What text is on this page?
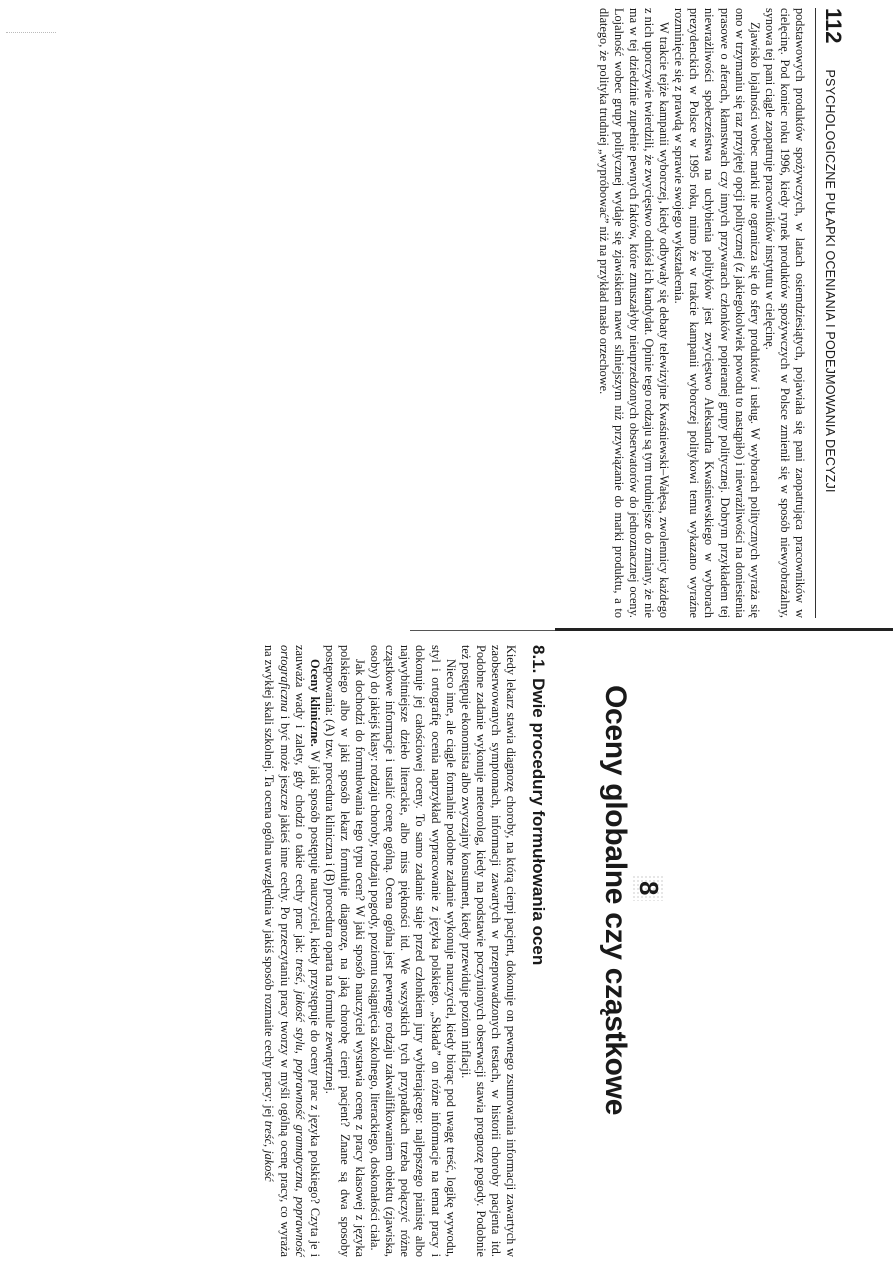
112
PSYCHOLOGICZNE PUŁAPKI OCENIANIA I PODEJMOWANIA DECYZJI

podstawowych produktów spożywczych, w latach osiemdziesiątych, pojawiała się pani zaopatrująca pracowników w cielęcinę. Pod koniec roku 1996, kiedy rynek produktów spożywczych w Polsce zmienił się w sposób niewyobrażalny, synowa tej pani ciągle zaopatruje pracowników instytutu w cielęcinę.

Zjawisko lojalności wobec marki nie ogranicza się do sfery produktów i usług. W wyborach politycznych wyraża się ono w trzymaniu się raz przyjętej opcji politycznej (z jakiegokolwiek powodu to nastąpiło) i niewrażliwości na doniesienia prasowe o aferach, kłamstwach czy innych przywarach członków popieranej grupy politycznej. Dobrym przykładem tej niewrażliwości społeczeństwa na uchybienia polityków jest zwycięstwo Aleksandra Kwaśniewskiego w wyborach prezydenckich w Polsce w 1995 roku, mimo że w trakcie kampanii wyborczej politykowi temu wykazano wyraźne rozminięcie się z prawdą w sprawie swojego wykształcenia.

W trakcie tejże kampanii wyborczej, kiedy odbywały się debaty telewizyjne Kwaśniewski–Wałęsa, zwolennicy każdego z nich uporczywie twierdzili, że zwycięstwo odniósł ich kandydat. Opinie tego rodzaju są tym trudniejsze do zmiany, że nie ma w tej dziedzinie zupełnie pewnych faktów, które zmuszałyby nieuprzedzonych obserwatorów do jednoznacznej oceny. Lojalność wobec grupy politycznej wydaje się zjawiskiem nawet silniejszym niż przywiązanie do marki produktu, a to dlatego, że polityka trudniej „wypróbować” niż na przykład masło orzechowe.

8
Oceny globalne czy cząstkowe
8.1. Dwie procedury formułowania ocen

Kiedy lekarz stawia diagnozę choroby, na którą cierpi pacjent, dokonuje on pewnego zsumowania informacji zawartych w zaobserwowanych symptomach, informacji zawartych w przeprowadzonych testach, w historii choroby pacjenta itd. Podobne zadanie wykonuje meteorolog, kiedy na podstawie poczynionych obserwacji stawia prognozę pogody. Podobnie też postępuje ekonomista albo zwyczajny konsument, kiedy przewiduje poziom inflacji.

Nieco inne, ale ciągle formalnie podobne zadanie wykonuje nauczyciel, kiedy biorąc pod uwagę treść, logikę wywodu, styl i ortografię ocenia naprzykład wypracowanie z języka polskiego. „Składa” on różne informacje na temat pracy i dokonuje jej całościowej oceny. To samo zadanie staje przed członkiem jury wybierającego: najlepszego pianistę albo najwybitniejsze dzieło literackie, albo miss piękności itd. We wszystkich tych przypadkach trzeba połączyć różne cząstkowe informacje i ustalić ocenę ogólną. Ocena ogólna jest pewnego rodzaju zakwalifikowaniem obiektu (zjawiska, osoby) do jakiejś klasy: rodzaju choroby, rodzaju pogody, poziomu osiągnięcia szkolnego, literackiego, doskonałości ciała.

Jak dochodzi do formułowania tego typu ocen? W jaki sposób nauczyciel wystawia ocenę z pracy klasowej z języka polskiego albo w jaki sposób lekarz formułuje diagnozę, na jaką chorobę cierpi pacjent? Znane są dwa sposoby postępowania: (A) tzw. procedura kliniczna i (B) procedura oparta na formule zewnętrznej.

Oceny kliniczne. W jaki sposób postępuje nauczyciel, kiedy przystępuje do oceny prac z języka polskiego? Czyta je i zauważa wady i zalety, gdy chodzi o takie cechy prac jak: treść, jakość stylu, poprawność gramatyczna, poprawność ortograficzna i być może jeszcze jakieś inne cechy. Po przeczytaniu pracy tworzy w myśli ogólną ocenę pracy, co wyraża na zwykłej skali szkolnej. Ta ocena ogólna uwzględnia w jakiś sposób rozmaite cechy pracy: jej treść, jakość
